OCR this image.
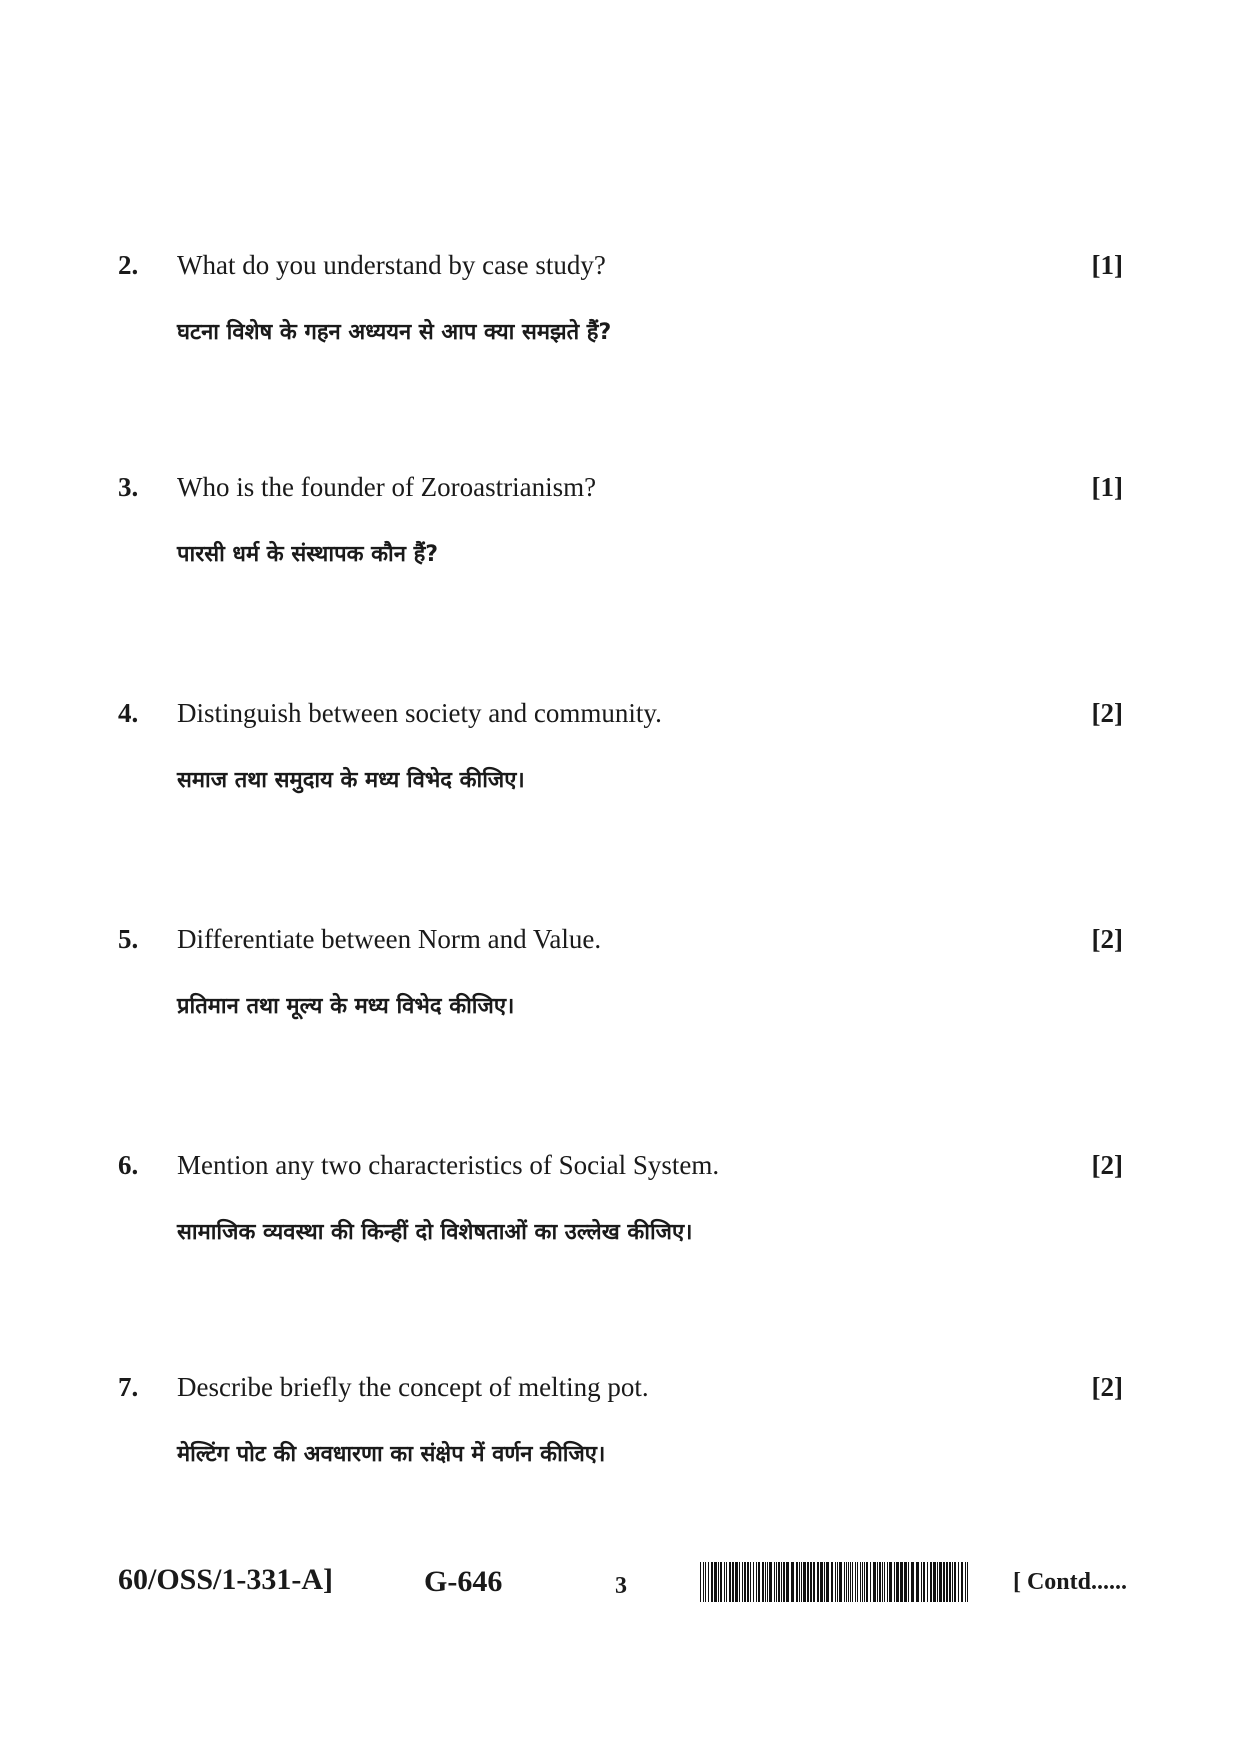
2. What do you understand by case study?	[1]
घटना विशेष के गहन अध्ययन से आप क्या समझते हैं?
3. Who is the founder of Zoroastrianism?	[1]
पारसी धर्म के संस्थापक कौन हैं?
4. Distinguish between society and community.	[2]
समाज तथा समुदाय के मध्य विभेद कीजिए।
5. Differentiate between Norm and Value.	[2]
प्रतिमान तथा मूल्य के मध्य विभेद कीजिए।
6. Mention any two characteristics of Social System.	[2]
सामाजिक व्यवस्था की किन्हीं दो विशेषताओं का उल्लेख कीजिए।
7. Describe briefly the concept of melting pot.	[2]
मेल्टिंग पोट की अवधारणा का संक्षेप में वर्णन कीजिए।
60/OSS/1-331-A]	G-646	3	[ Contd......
